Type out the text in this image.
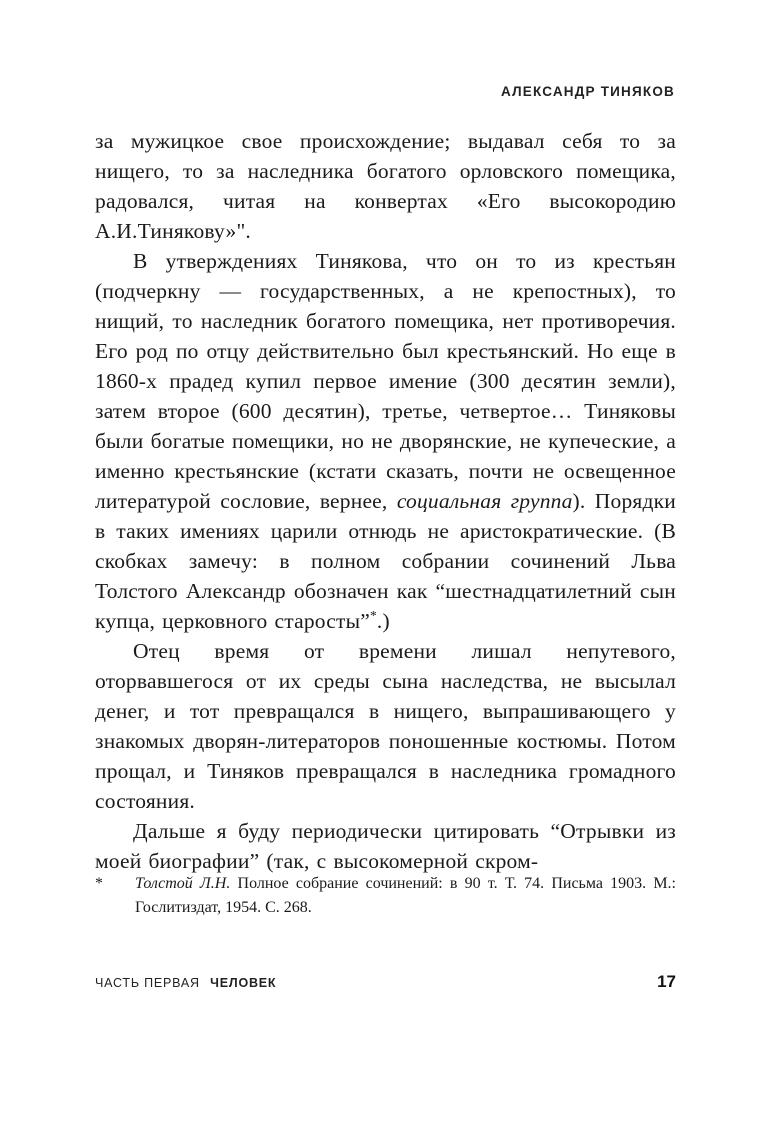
АЛЕКСАНДР ТИНЯКОВ

за мужицкое свое происхождение; выдавал себя то за нищего, то за наследника богатого орловского помещика, радовался, читая на конвертах «Его высокородию А.И.Тинякову»".

В утверждениях Тинякова, что он то из крестьян (подчеркну — государственных, а не крепостных), то нищий, то наследник богатого помещика, нет противоречия. Его род по отцу действительно был крестьянский. Но еще в 1860-х прадед купил первое имение (300 десятин земли), затем второе (600 десятин), третье, четвертое… Тиняковы были богатые помещики, но не дворянские, не купеческие, а именно крестьянские (кстати сказать, почти не освещенное литературой сословие, вернее, социальная группа). Порядки в таких имениях царили отнюдь не аристократические. (В скобках замечу: в полном собрании сочинений Льва Толстого Александр обозначен как “шестнадцатилетний сын купца, церковного старосты”*.)

Отец время от времени лишал непутевого, оторвавшегося от их среды сына наследства, не высылал денег, и тот превращался в нищего, выпрашивающего у знакомых дворян-литераторов поношенные костюмы. Потом прощал, и Тиняков превращался в наследника громадного состояния.

Дальше я буду периодически цитировать “Отрывки из моей биографии” (так, с высокомерной скром-

*	Толстой Л.Н. Полное собрание сочинений: в 90 т. Т. 74. Письма 1903. М.: Гослитиздат, 1954. С. 268.
ЧАСТЬ ПЕРВАЯ ЧЕЛОВЕК	17
